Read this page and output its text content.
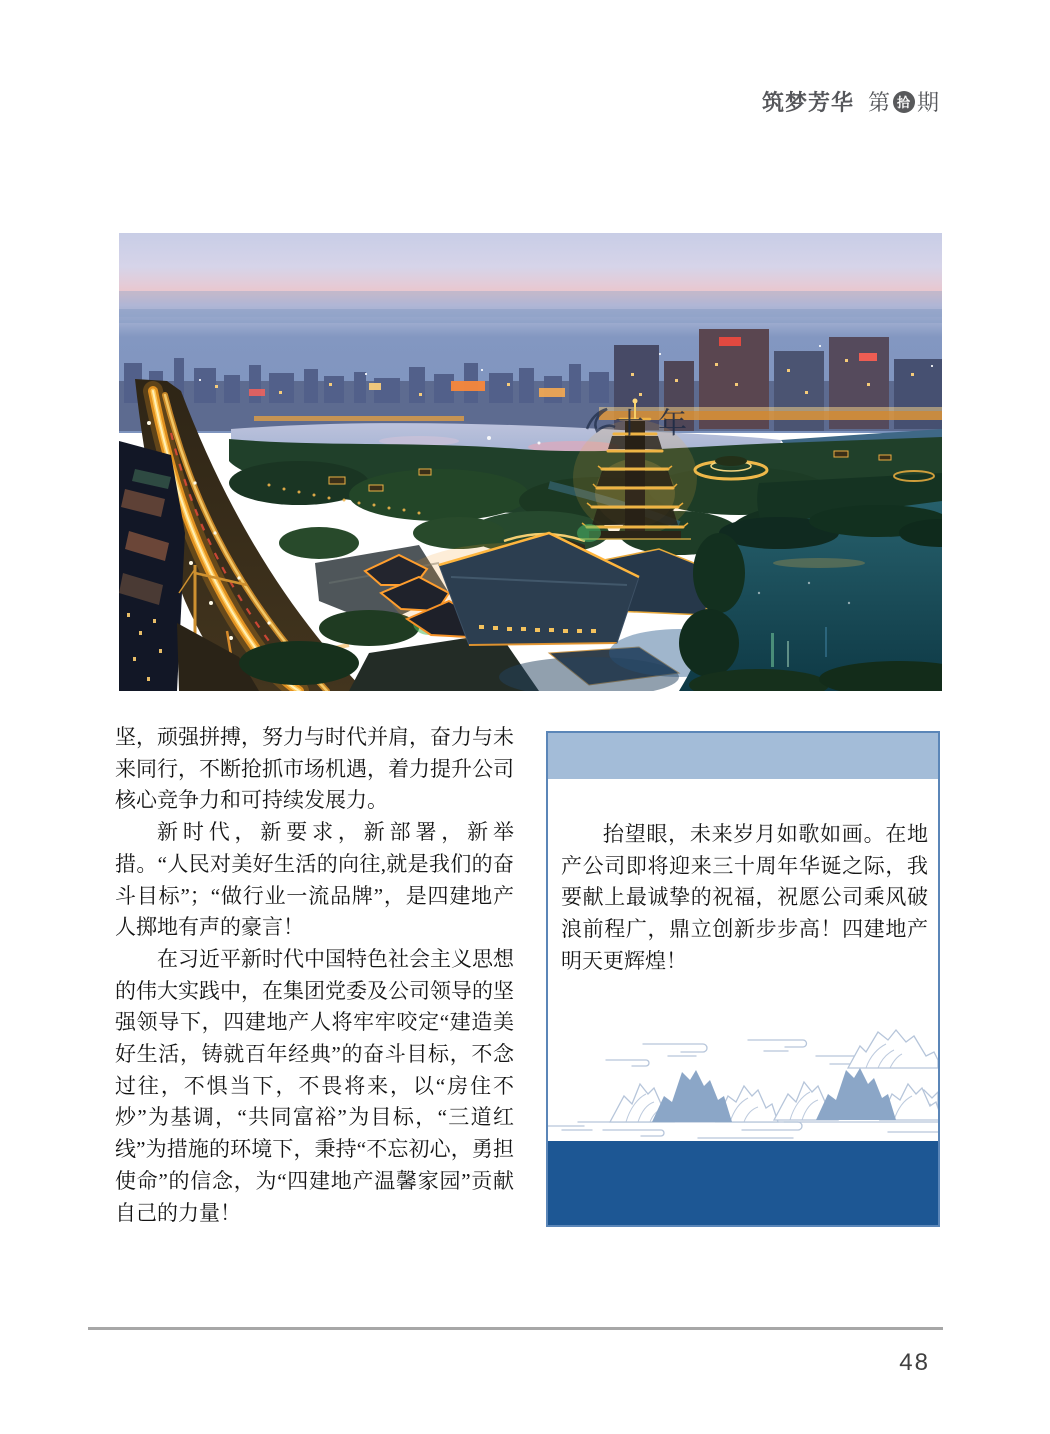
筑梦芳华 第 拾 期
十年

坚，顽强拼搏，努力与时代并肩，奋力与未来同行，不断抢抓市场机遇，着力提升公司核心竞争力和可持续发展力。

新时代，新要求，新部署，新举措。“人民对美好生活的向往,就是我们的奋斗目标”；“做行业一流品牌”，是四建地产人掷地有声的豪言！

在习近平新时代中国特色社会主义思想的伟大实践中，在集团党委及公司领导的坚强领导下，四建地产人将牢牢咬定“建造美好生活，铸就百年经典”的奋斗目标，不念过往，不惧当下，不畏将来，以“房住不炒”为基调，“共同富裕”为目标，“三道红线”为措施的环境下，秉持“不忘初心，勇担使命”的信念，为“四建地产温馨家园”贡献自己的力量！

抬望眼，未来岁月如歌如画。在地产公司即将迎来三十周年华诞之际，我要献上最诚挚的祝福，祝愿公司乘风破浪前程广，鼎立创新步步高！四建地产明天更辉煌！

48
